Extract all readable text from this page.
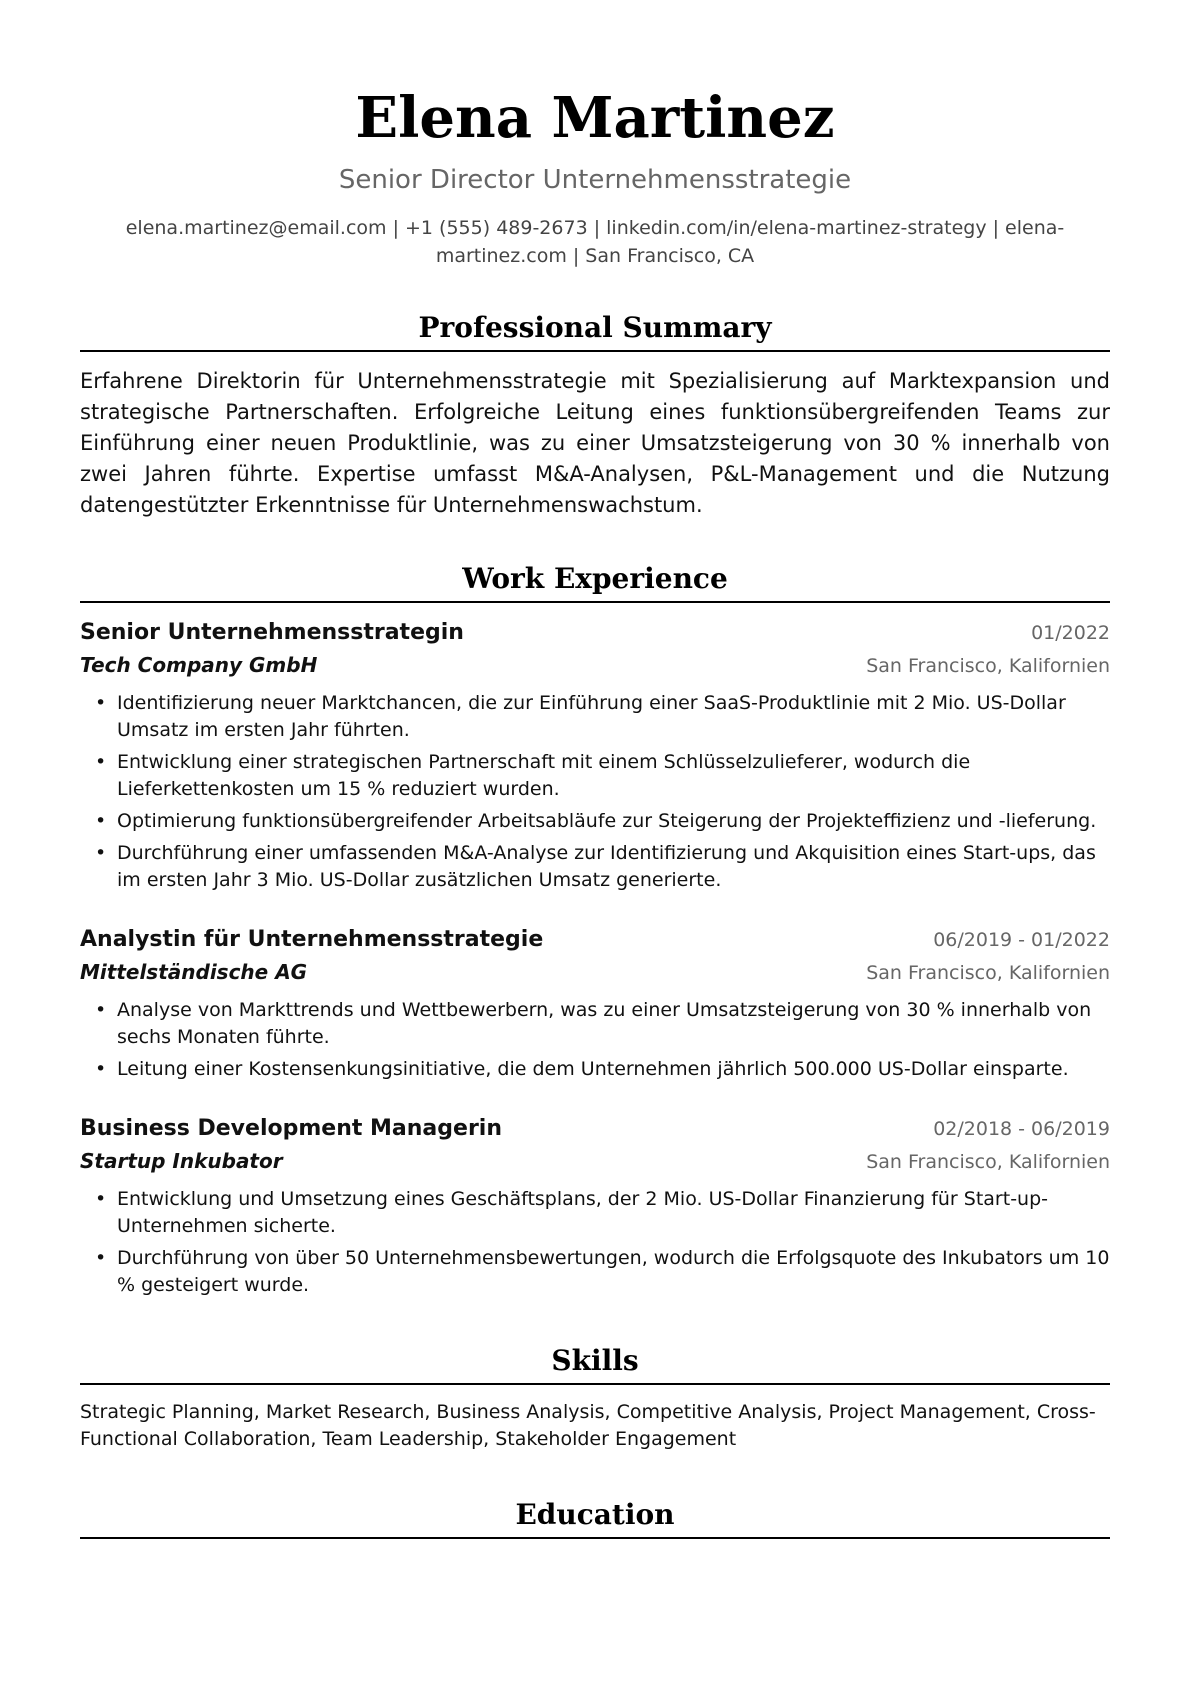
Elena Martinez
Senior Director Unternehmensstrategie
elena.martinez@email.com | +1 (555) 489-2673 | linkedin.com/in/elena-martinez-strategy | elena-martinez.com | San Francisco, CA
Professional Summary
Erfahrene Direktorin für Unternehmensstrategie mit Spezialisierung auf Marktexpansion und strategische Partnerschaften. Erfolgreiche Leitung eines funktionsübergreifenden Teams zur Einführung einer neuen Produktlinie, was zu einer Umsatzsteigerung von 30 % innerhalb von zwei Jahren führte. Expertise umfasst M&A-Analysen, P&L-Management und die Nutzung datengestützter Erkenntnisse für Unternehmenswachstum.
Work Experience
Senior Unternehmensstrategin	01/2022
Tech Company GmbH	San Francisco, Kalifornien
• Identifizierung neuer Marktchancen, die zur Einführung einer SaaS-Produktlinie mit 2 Mio. US-Dollar Umsatz im ersten Jahr führten.
• Entwicklung einer strategischen Partnerschaft mit einem Schlüsselzulieferer, wodurch die Lieferkettenkosten um 15 % reduziert wurden.
• Optimierung funktionsübergreifender Arbeitsabläufe zur Steigerung der Projekteffizienz und -lieferung.
• Durchführung einer umfassenden M&A-Analyse zur Identifizierung und Akquisition eines Start-ups, das im ersten Jahr 3 Mio. US-Dollar zusätzlichen Umsatz generierte.
Analystin für Unternehmensstrategie	06/2019 - 01/2022
Mittelständische AG	San Francisco, Kalifornien
• Analyse von Markttrends und Wettbewerbern, was zu einer Umsatzsteigerung von 30 % innerhalb von sechs Monaten führte.
• Leitung einer Kostensenkungsinitiative, die dem Unternehmen jährlich 500.000 US-Dollar einsparte.
Business Development Managerin	02/2018 - 06/2019
Startup Inkubator	San Francisco, Kalifornien
• Entwicklung und Umsetzung eines Geschäftsplans, der 2 Mio. US-Dollar Finanzierung für Start-up-Unternehmen sicherte.
• Durchführung von über 50 Unternehmensbewertungen, wodurch die Erfolgsquote des Inkubators um 10 % gesteigert wurde.
Skills
Strategic Planning, Market Research, Business Analysis, Competitive Analysis, Project Management, Cross-Functional Collaboration, Team Leadership, Stakeholder Engagement
Education
